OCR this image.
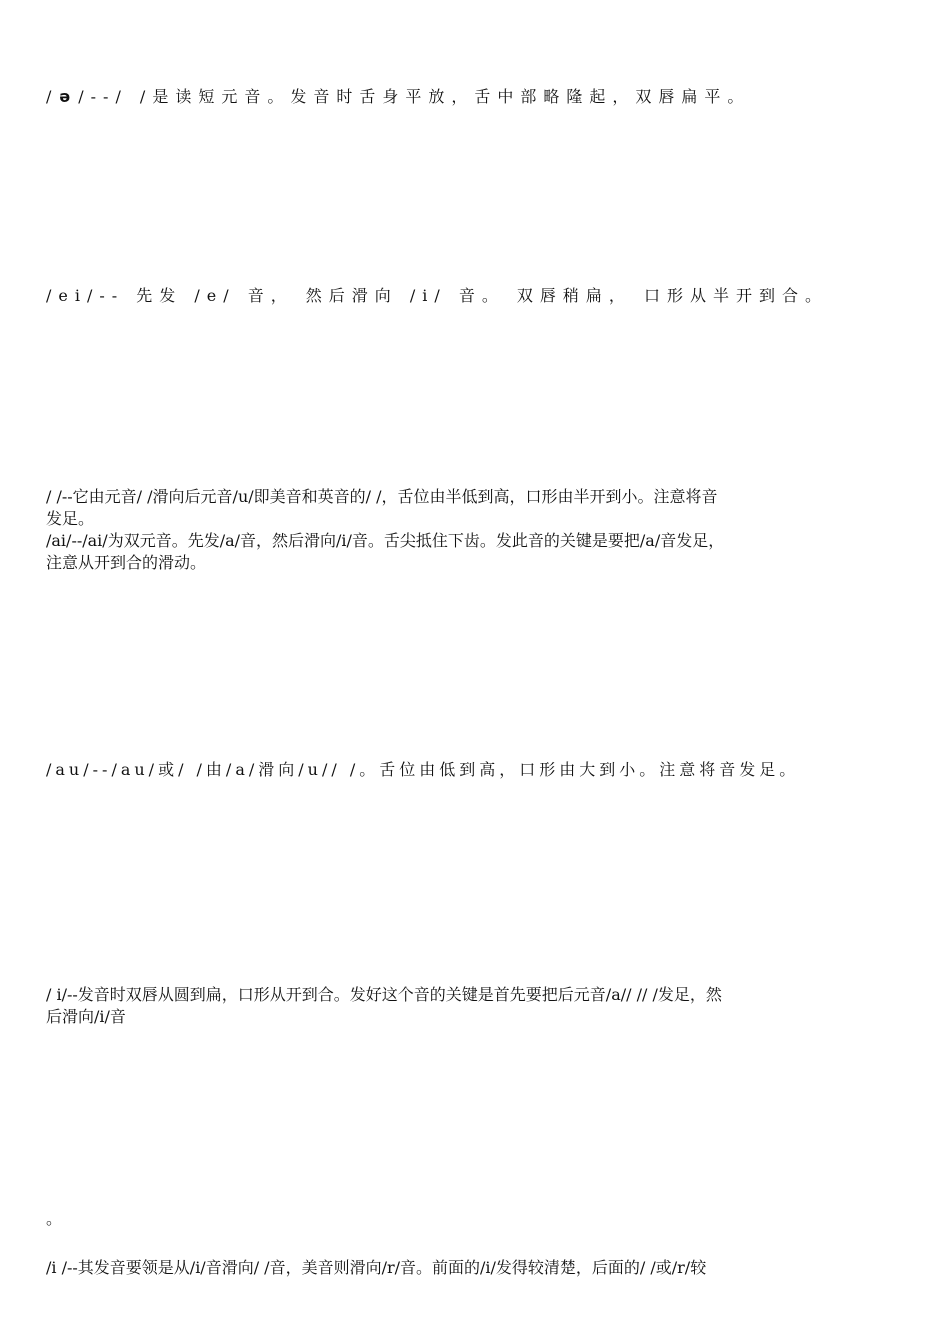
/ə/--/ /是读短元音。发音时舌身平放，舌中部略隆起，双唇扁平。
/ei/-- 先发 /e/ 音， 然后滑向 /i/ 音。 双唇稍扁， 口形从半开到合。
/ /--它由元音/ /滑向后元音/u/即美音和英音的/ /，舌位由半低到高，口形由半开到小。注意将音
发足。
/ai/--/ai/为双元音。先发/a/音，然后滑向/i/音。舌尖抵住下齿。发此音的关键是要把/a/音发足，
注意从开到合的滑动。
/au/--/au/或/ /由/a/滑向/u// /。舌位由低到高，口形由大到小。注意将音发足。
/ i/--发音时双唇从圆到扁，口形从开到合。发好这个音的关键是首先要把后元音/a// // /发足，然
后滑向/i/音
。
/i /--其发音要领是从/i/音滑向/ /音，美音则滑向/r/音。前面的/i/发得较清楚，后面的/ /或/r/较
